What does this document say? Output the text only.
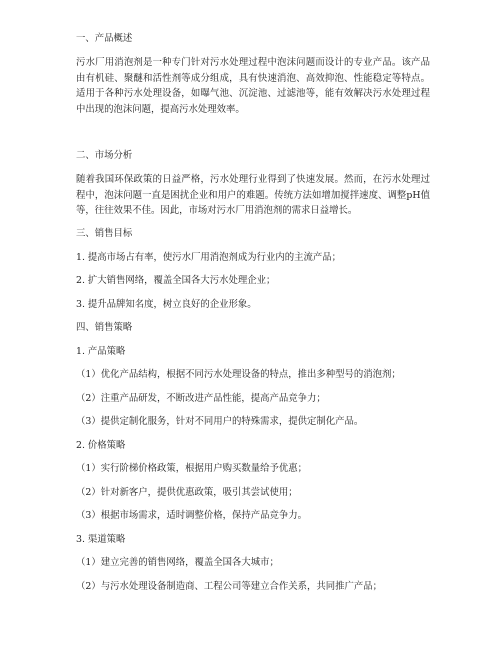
一、产品概述
污水厂用消泡剂是一种专门针对污水处理过程中泡沫问题而设计的专业产品。该产品由有机硅、聚醚和活性剂等成分组成，具有快速消泡、高效抑泡、性能稳定等特点。适用于各种污水处理设备，如曝气池、沉淀池、过滤池等，能有效解决污水处理过程中出现的泡沫问题，提高污水处理效率。
二、市场分析
随着我国环保政策的日益严格，污水处理行业得到了快速发展。然而，在污水处理过程中，泡沫问题一直是困扰企业和用户的难题。传统方法如增加搅拌速度、调整pH值等，往往效果不佳。因此，市场对污水厂用消泡剂的需求日益增长。
三、销售目标
1. 提高市场占有率，使污水厂用消泡剂成为行业内的主流产品；
2. 扩大销售网络，覆盖全国各大污水处理企业；
3. 提升品牌知名度，树立良好的企业形象。
四、销售策略
1. 产品策略
（1）优化产品结构，根据不同污水处理设备的特点，推出多种型号的消泡剂；
（2）注重产品研发，不断改进产品性能，提高产品竞争力；
（3）提供定制化服务，针对不同用户的特殊需求，提供定制化产品。
2. 价格策略
（1）实行阶梯价格政策，根据用户购买数量给予优惠；
（2）针对新客户，提供优惠政策，吸引其尝试使用；
（3）根据市场需求，适时调整价格，保持产品竞争力。
3. 渠道策略
（1）建立完善的销售网络，覆盖全国各大城市；
（2）与污水处理设备制造商、工程公司等建立合作关系，共同推广产品；
